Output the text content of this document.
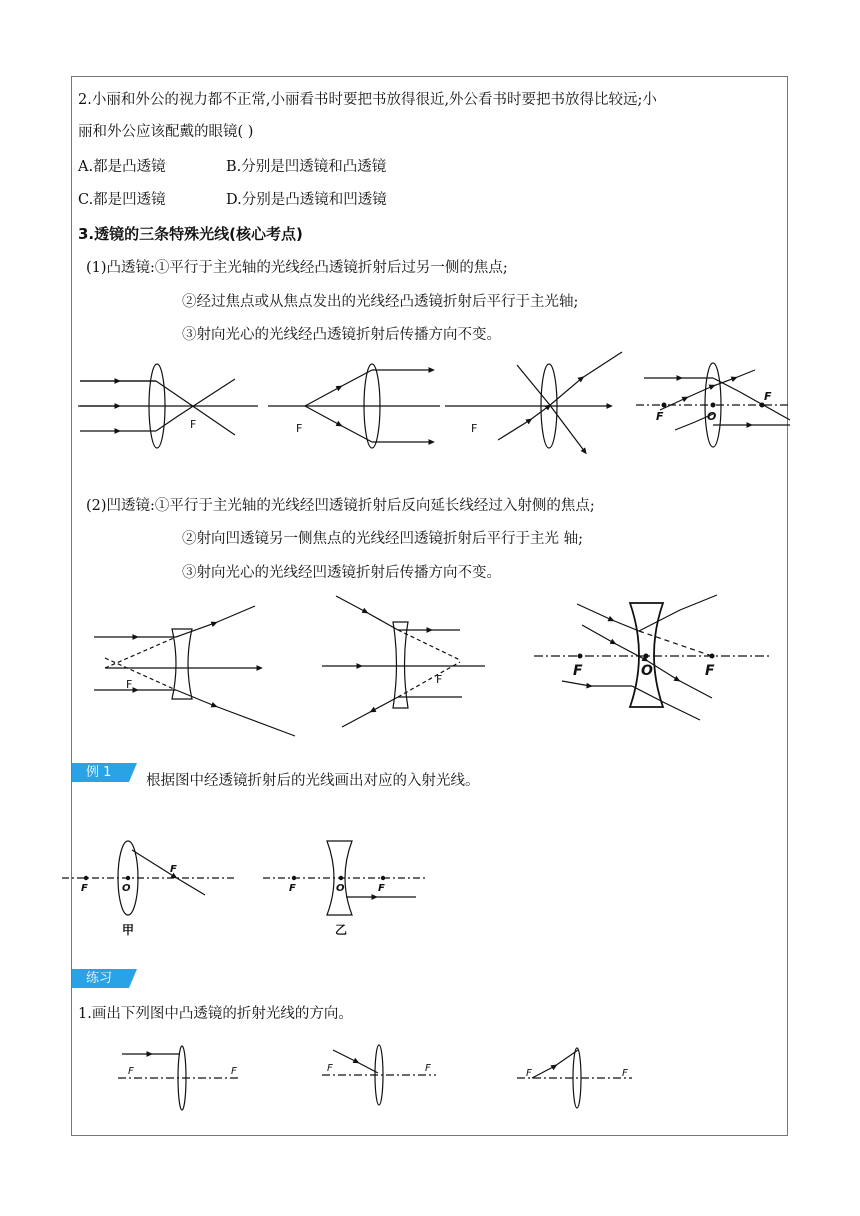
2.小丽和外公的视力都不正常,小丽看书时要把书放得很近,外公看书时要把书放得比较远;小
丽和外公应该配戴的眼镜( )
A.都是凸透镜	B.分别是凹透镜和凸透镜
C.都是凹透镜	D.分别是凸透镜和凹透镜
3.透镜的三条特殊光线(核心考点)
(1)凸透镜:①平行于主光轴的光线经凸透镜折射后过另一侧的焦点;
②经过焦点或从焦点发出的光线经凸透镜折射后平行于主光轴;
③射向光心的光线经凸透镜折射后传播方向不变。
F	F	F
F	O
F
(2)凹透镜:①平行于主光轴的光线经凹透镜折射后反向延长线经过入射侧的焦点;
②射向凹透镜另一侧焦点的光线经凹透镜折射后平行于主光 轴;
③射向光心的光线经凹透镜折射后传播方向不变。
F	F
F	O	F
例 1
根据图中经透镜折射后的光线画出对应的入射光线。
F	O
F
F	O	F
甲	乙
练习
1.画出下列图中凸透镜的折射光线的方向。
F	F	F	F	F	F
